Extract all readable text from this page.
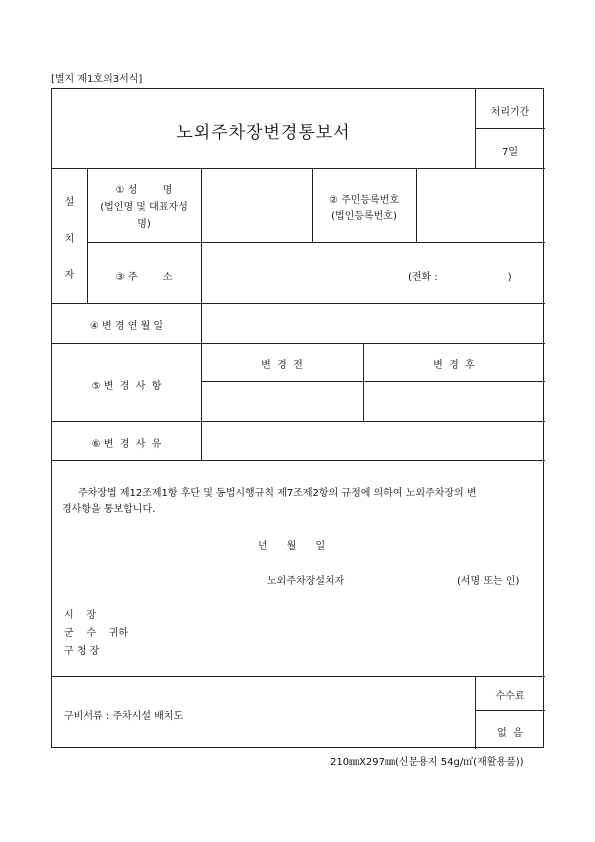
[별지 제1호의3서식]
노외주차장변경통보서
처리기간
7일
설
치
자
① 성        명
(법인명 및 대표자성
명)
② 주민등록번호
(법인등록번호)
③ 주        소	(전화 :                      )
④ 변 경 연 월 일
⑤ 변  경  사  항
변  경  전	변  경  후
⑥ 변  경  사  유
주차장법 제12조제1항 후단 및 동법시행규칙 제7조제2항의 규정에 의하여 노외주차장의 변
경사항을 통보합니다.
년      월      일
노외주차장설치자	(서명 또는 인)
시    장
군    수    귀하
구 청 장
구비서류 : 주차시설 배치도
수수료
없  음
210㎜X297㎜(신문용지 54g/㎡(재활용품))
